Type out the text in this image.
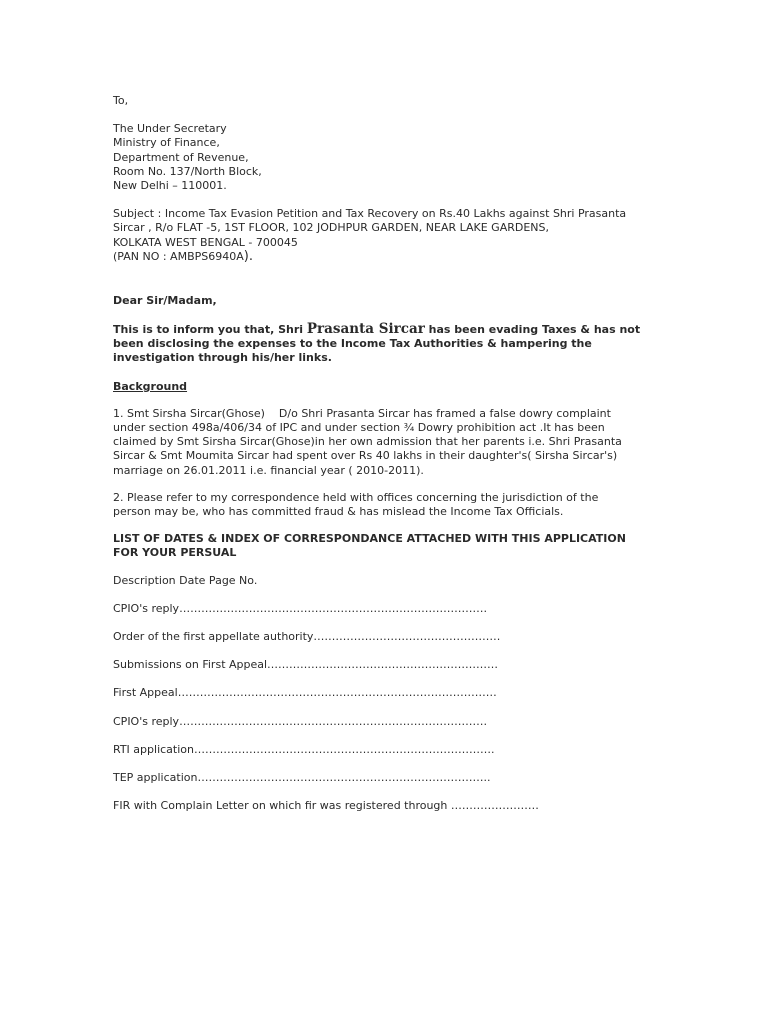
To,
The Under Secretary
Ministry of Finance,
Department of Revenue,
Room No. 137/North Block,
New Delhi – 110001.
Subject : Income Tax Evasion Petition and Tax Recovery on Rs.40 Lakhs against Shri Prasanta
Sircar , R/o FLAT -5, 1ST FLOOR, 102 JODHPUR GARDEN, NEAR LAKE GARDENS,
KOLKATA WEST BENGAL - 700045
(PAN NO : AMBPS6940A).
Dear Sir/Madam,
This is to inform you that, Shri Prasanta Sircar has been evading Taxes & has not
been disclosing the expenses to the Income Tax Authorities & hampering the
investigation through his/her links.
Background
1. Smt Sirsha Sircar(Ghose)    D/o Shri Prasanta Sircar has framed a false dowry complaint
under section 498a/406/34 of IPC and under section ¾ Dowry prohibition act .It has been
claimed by Smt Sirsha Sircar(Ghose)in her own admission that her parents i.e. Shri Prasanta
Sircar & Smt Moumita Sircar had spent over Rs 40 lakhs in their daughter's( Sirsha Sircar's)
marriage on 26.01.2011 i.e. financial year ( 2010-2011).
2. Please refer to my correspondence held with offices concerning the jurisdiction of the
person may be, who has committed fraud & has mislead the Income Tax Officials.
LIST OF DATES & INDEX OF CORRESPONDANCE ATTACHED WITH THIS APPLICATION
FOR YOUR PERSUAL
Description Date Page No.
CPIO's reply…………………………………………………………………………
Order of the first appellate authority……………………………………………
Submissions on First Appeal………………………………………………………
First Appeal……………………………………………………………………………
CPIO's reply…………………………………………………………………………
RTI application……………………………………………………………………….
TEP application……………………………………………………………………..
FIR with Complain Letter on which fir was registered through ……………………
